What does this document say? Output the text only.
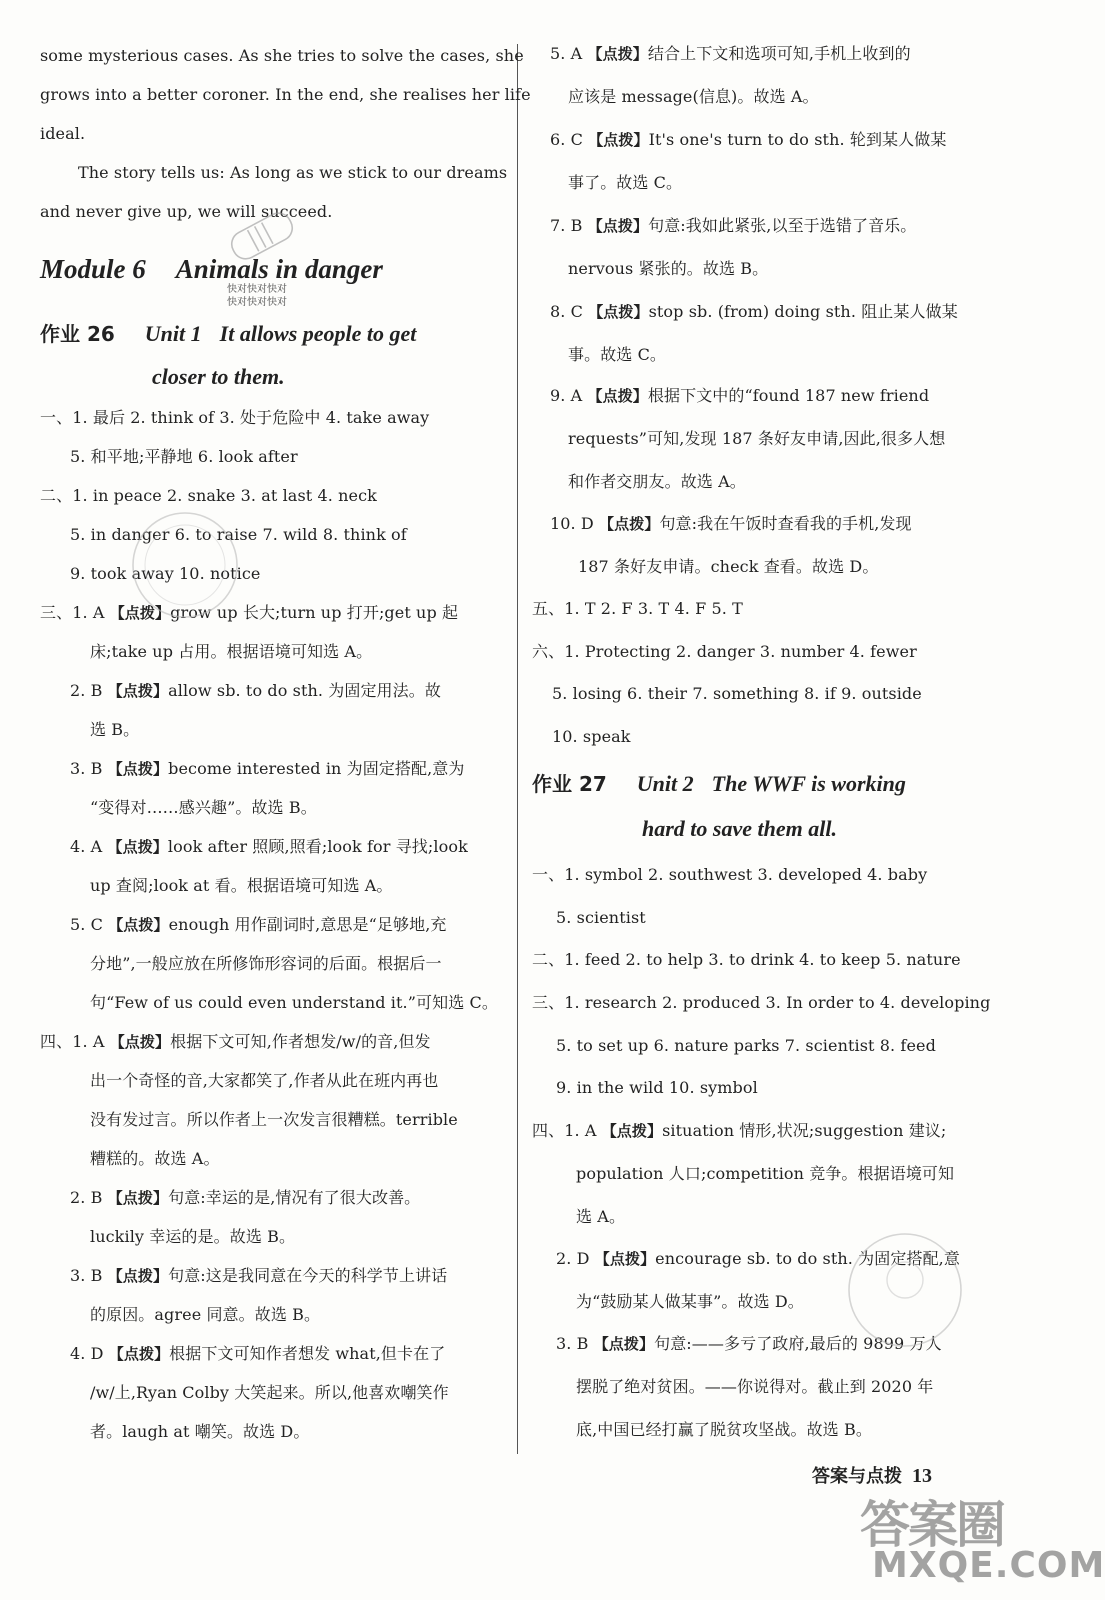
some mysterious cases. As she tries to solve the cases, she
grows into a better coroner. In the end, she realises her life
ideal.
The story tells us: As long as we stick to our dreams
and never give up, we will succeed.
Module 6 Animals in danger
快对快对快对
快对快对快对
作业 26 Unit 1 It allows people to get
closer to them.
一、1. 最后 2. think of 3. 处于危险中 4. take away
5. 和平地;平静地 6. look after
二、1. in peace 2. snake 3. at last 4. neck
5. in danger 6. to raise 7. wild 8. think of
9. took away 10. notice
三、1. A 【点拨】grow up 长大;turn up 打开;get up 起
床;take up 占用。根据语境可知选 A。
2. B 【点拨】allow sb. to do sth. 为固定用法。故
选 B。
3. B 【点拨】become interested in 为固定搭配,意为
“变得对……感兴趣”。故选 B。
4. A 【点拨】look after 照顾,照看;look for 寻找;look
up 查阅;look at 看。根据语境可知选 A。
5. C 【点拨】enough 用作副词时,意思是“足够地,充
分地”,一般应放在所修饰形容词的后面。根据后一
句“Few of us could even understand it.”可知选 C。
四、1. A 【点拨】根据下文可知,作者想发/w/的音,但发
出一个奇怪的音,大家都笑了,作者从此在班内再也
没有发过言。所以作者上一次发言很糟糕。terrible
糟糕的。故选 A。
2. B 【点拨】句意:幸运的是,情况有了很大改善。
luckily 幸运的是。故选 B。
3. B 【点拨】句意:这是我同意在今天的科学节上讲话
的原因。agree 同意。故选 B。
4. D 【点拨】根据下文可知作者想发 what,但卡在了
/w/上,Ryan Colby 大笑起来。所以,他喜欢嘲笑作
者。laugh at 嘲笑。故选 D。
5. A 【点拨】结合上下文和选项可知,手机上收到的
应该是 message(信息)。故选 A。
6. C 【点拨】It's one's turn to do sth. 轮到某人做某
事了。故选 C。
7. B 【点拨】句意:我如此紧张,以至于选错了音乐。
nervous 紧张的。故选 B。
8. C 【点拨】stop sb. (from) doing sth. 阻止某人做某
事。故选 C。
9. A 【点拨】根据下文中的“found 187 new friend
requests”可知,发现 187 条好友申请,因此,很多人想
和作者交朋友。故选 A。
10. D 【点拨】句意:我在午饭时查看我的手机,发现
187 条好友申请。check 查看。故选 D。
五、1. T 2. F 3. T 4. F 5. T
六、1. Protecting 2. danger 3. number 4. fewer
5. losing 6. their 7. something 8. if 9. outside
10. speak
作业 27 Unit 2 The WWF is working
hard to save them all.
一、1. symbol 2. southwest 3. developed 4. baby
5. scientist
二、1. feed 2. to help 3. to drink 4. to keep 5. nature
三、1. research 2. produced 3. In order to 4. developing
5. to set up 6. nature parks 7. scientist 8. feed
9. in the wild 10. symbol
四、1. A 【点拨】situation 情形,状况;suggestion 建议;
population 人口;competition 竞争。根据语境可知
选 A。
2. D 【点拨】encourage sb. to do sth. 为固定搭配,意
为“鼓励某人做某事”。故选 D。
3. B 【点拨】句意:——多亏了政府,最后的 9899 万人
摆脱了绝对贫困。——你说得对。截止到 2020 年
底,中国已经打赢了脱贫攻坚战。故选 B。
答案与点拨 13
答案圈
MXQE.COM
